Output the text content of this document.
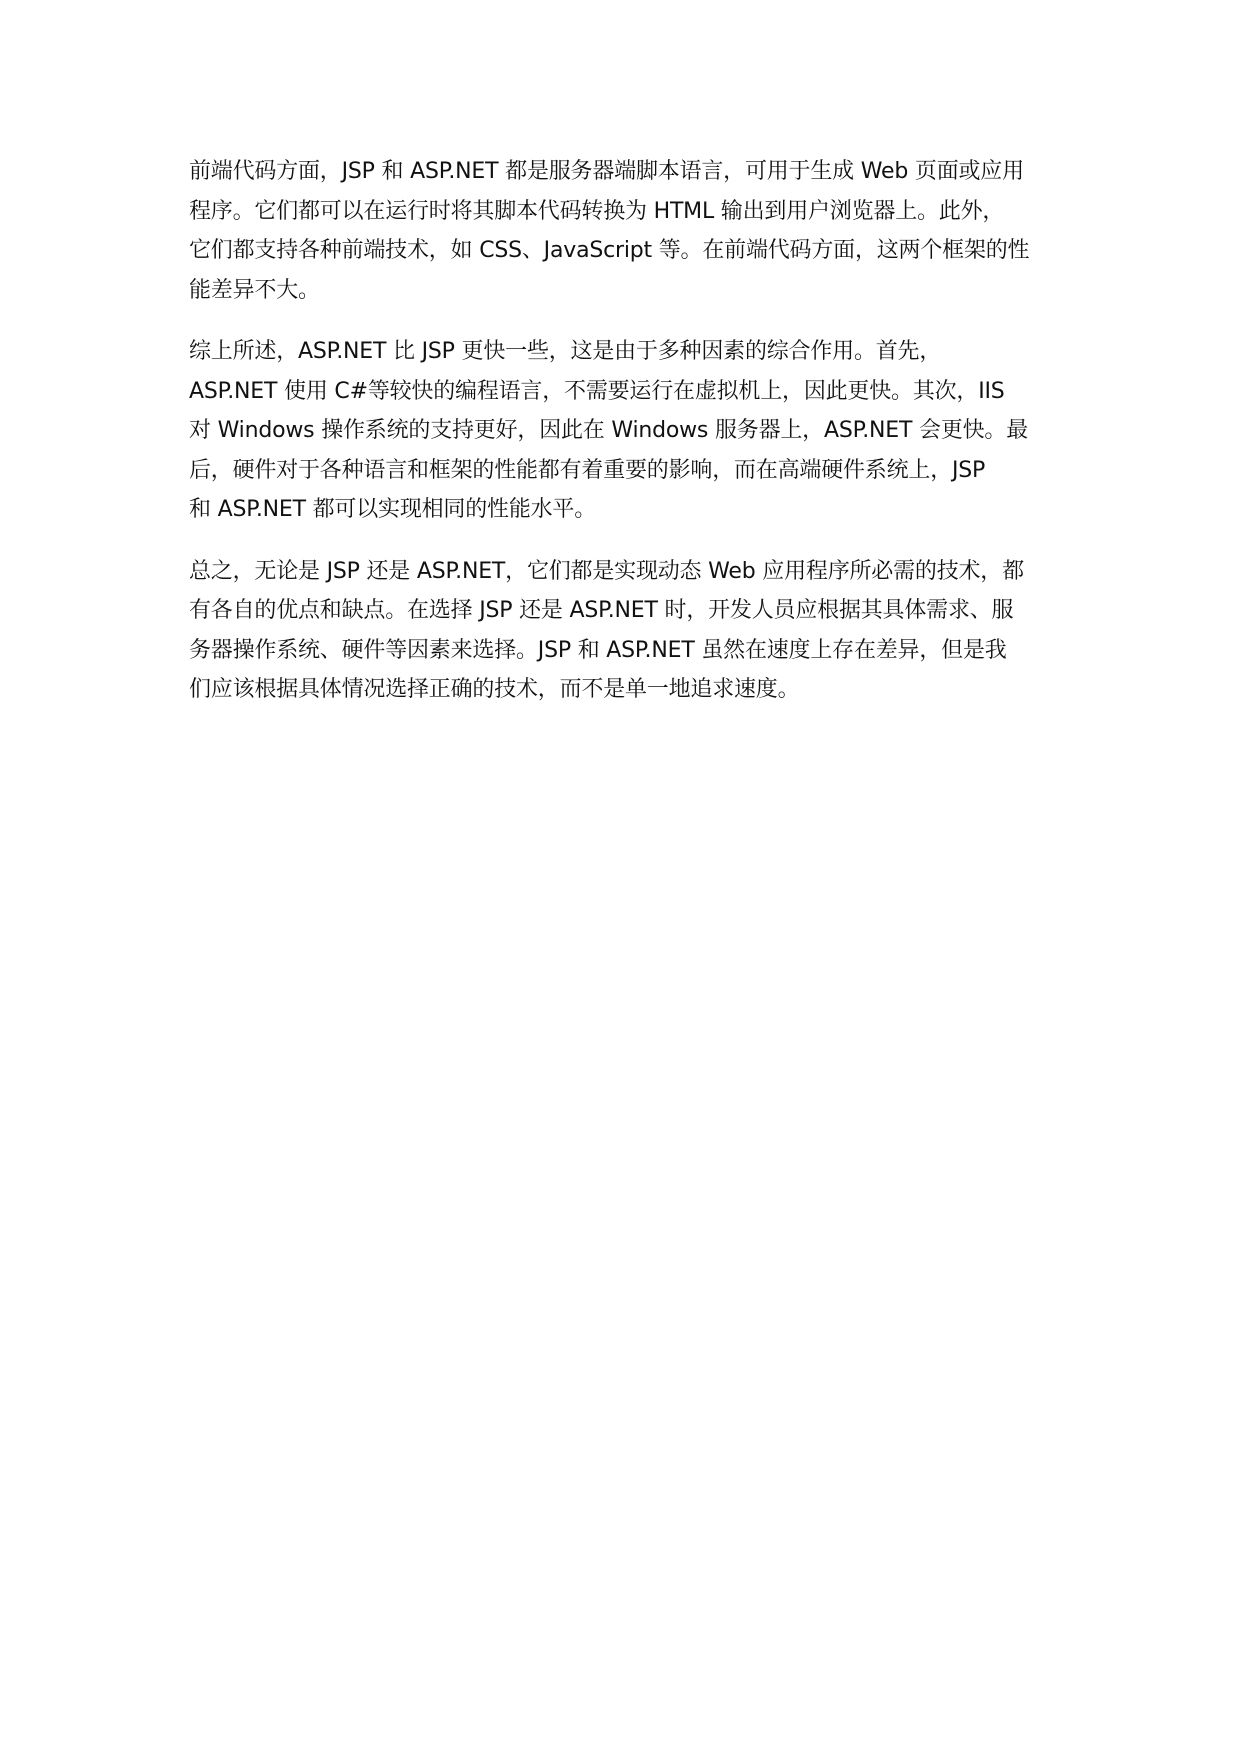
前端代码方面，JSP 和 ASP.NET 都是服务器端脚本语言，可用于生成 Web 页面或应用
程序。它们都可以在运行时将其脚本代码转换为 HTML 输出到用户浏览器上。此外，
它们都支持各种前端技术，如 CSS、JavaScript 等。在前端代码方面，这两个框架的性
能差异不大。

综上所述，ASP.NET 比 JSP 更快一些，这是由于多种因素的综合作用。首先，
ASP.NET 使用 C#等较快的编程语言，不需要运行在虚拟机上，因此更快。其次，IIS
对 Windows 操作系统的支持更好，因此在 Windows 服务器上，ASP.NET 会更快。最
后，硬件对于各种语言和框架的性能都有着重要的影响，而在高端硬件系统上，JSP
和 ASP.NET 都可以实现相同的性能水平。

总之，无论是 JSP 还是 ASP.NET，它们都是实现动态 Web 应用程序所必需的技术，都
有各自的优点和缺点。在选择 JSP 还是 ASP.NET 时，开发人员应根据其具体需求、服
务器操作系统、硬件等因素来选择。JSP 和 ASP.NET 虽然在速度上存在差异，但是我
们应该根据具体情况选择正确的技术，而不是单一地追求速度。
